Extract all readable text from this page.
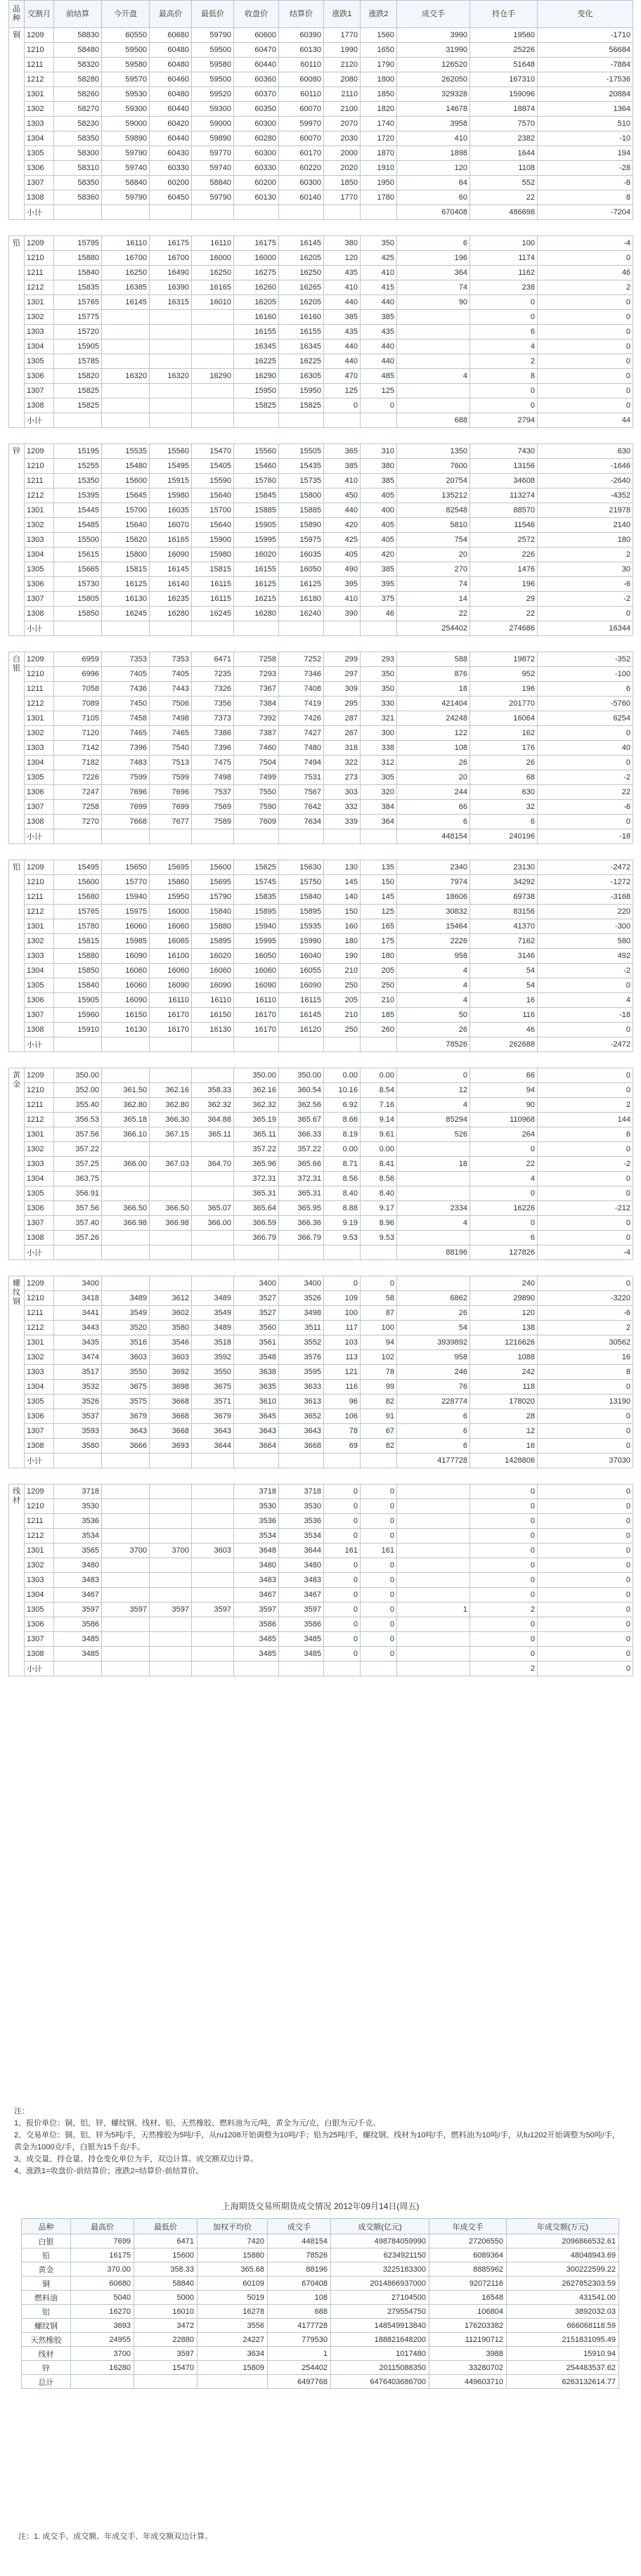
品种	交割月	前结算	今开盘	最高价	最低价	收盘价	结算价	涨跌1	涨跌2	成交手	持仓手	变化	
铜	1209	58830	60550	60680	59790	60600	60390	1770	1560	3990	19560	-1710	
	1210	58480	59500	60480	59500	60470	60130	1990	1650	31990	25226	56684	
	1211	58320	59580	60480	59580	60440	60110	2120	1790	126520	51648	-7884	
	1212	58280	59570	60460	59500	60360	60080	2080	1800	262050	167310	-17536	
	1301	58260	59530	60480	59520	60370	60110	2110	1850	329328	159096	20884	
	1302	58270	59300	60440	59300	60350	60070	2100	1820	14678	18874	1364	
	1303	58230	59000	60420	59000	60300	59970	2070	1740	3958	7570	510	
	1304	58350	59890	60440	59890	60280	60070	2030	1720	410	2382	-10	
	1305	58300	59790	60430	59770	60300	60170	2000	1870	1898	1644	194	
	1306	58310	59740	60330	59740	60330	60220	2020	1910	120	1108	-28	
	1307	58350	58840	60200	58840	60200	60300	1850	1950	64	552	-8	
	1308	58360	59790	60450	59790	60130	60140	1770	1780	60	22	8	
	小计									670408	486698	-7204	

铅	1209	15795	16110	16175	16110	16175	16145	380	350	6	100	-4	
	1210	15880	16700	16700	16000	16000	16205	120	425	196	1174	0	
	1211	15840	16250	16490	16250	16275	16250	435	410	364	1162	46	
	1212	15835	16385	16390	16165	16260	16265	410	415	74	238	2	
	1301	15765	16145	16315	16010	16205	16205	440	440	90	0	0	
	1302	15775				16160	16160	385	385		0	0	
	1303	15720				16155	16155	435	435		6	0	
	1304	15905				16345	16345	440	440		4	0	
	1305	15785				16225	16225	440	440		2	0	
	1306	15820	16320	16320	16290	16290	16305	470	485	4	8	0	
	1307	15825				15950	15950	125	125		0	0	
	1308	15825				15825	15825	0	0		0	0	
	小计									688	2794	44	

锌	1209	15195	15535	15560	15470	15560	15505	365	310	1350	7430	630	
	1210	15255	15480	15495	15405	15460	15435	385	380	7600	13156	-1646	
	1211	15350	15600	15915	15590	15760	15735	410	385	20754	34608	-2640	
	1212	15395	15645	15980	15640	15845	15800	450	405	135212	113274	-4352	
	1301	15445	15700	16035	15700	15885	15885	440	400	82548	88570	21978	
	1302	15485	15640	16070	15640	15905	15890	420	405	5810	11546	2140	
	1303	15500	15620	16165	15900	15995	15975	425	405	754	2572	180	
	1304	15615	15800	16090	15980	16020	16035	405	420	20	226	2	
	1305	15665	15815	16145	15815	16155	16050	490	385	270	1476	30	
	1306	15730	16125	16140	16115	16125	16125	395	395	74	196	-6	
	1307	15805	16130	16235	16115	16215	16180	410	375	14	29	-2	
	1308	15850	16245	16280	16245	16280	16240	390	46	22	22	0	
	小计									254402	274686	16344	

白银	1209	6959	7353	7353	6471	7258	7252	299	293	588	19872	-352	
	1210	6996	7405	7405	7235	7293	7346	297	350	876	952	-100	
	1211	7058	7436	7443	7326	7367	7408	309	350	18	196	6	
	1212	7089	7450	7506	7356	7384	7419	295	330	421404	201770	-5760	
	1301	7105	7458	7498	7373	7392	7426	287	321	24248	16064	6254	
	1302	7120	7465	7465	7386	7387	7427	267	300	122	162	0	
	1303	7142	7396	7540	7396	7460	7480	318	338	108	176	40	
	1304	7182	7483	7513	7475	7504	7494	322	312	26	26	0	
	1305	7226	7599	7599	7498	7499	7531	273	305	20	68	-2	
	1306	7247	7696	7696	7537	7550	7567	303	320	244	630	22	
	1307	7258	7699	7699	7569	7590	7642	332	384	66	32	-6	
	1308	7270	7668	7677	7589	7609	7634	339	364	6	6	0	
	小计									448154	240196	-18	

铝	1209	15495	15650	15695	15600	15625	15630	130	135	2340	23130	-2472	
	1210	15600	15770	15860	15695	15745	15750	145	150	7974	34292	-1272	
	1211	15680	15940	15950	15790	15835	15840	140	145	18606	69738	-3168	
	1212	15765	15975	16000	15840	15895	15895	150	125	30832	83156	220	
	1301	15780	16060	16060	15880	15940	15935	160	165	15464	41370	-300	
	1302	15815	15985	16065	15895	15995	15990	180	175	2226	7162	580	
	1303	15880	16090	16100	16020	16050	16040	190	180	958	3146	492	
	1304	15850	16060	16060	16060	16060	16055	210	205	4	54	-2	
	1305	15840	16060	16090	16090	16090	16090	250	250	4	54	0	
	1306	15905	16090	16110	16110	16110	16115	205	210	4	16	4	
	1307	15960	16150	16170	16150	16170	16145	210	185	50	116	-18	
	1308	15910	16130	16170	16130	16170	16120	250	260	26	46	0	
	小计									78526	262688	-2472	

黄金	1209	350.00				350.00	350.00	0.00	0.00	0	66	0	
	1210	352.00	361.50	362.16	358.33	362.16	360.54	10.16	8.54	12	94	0	
	1211	355.40	362.80	362.80	362.32	362.32	362.56	6.92	7.16	4	90	2	
	1212	356.53	365.18	366.30	364.88	365.19	365.67	8.66	9.14	85294	110968	144	
	1301	357.56	366.10	367.15	365.11	365.11	366.33	8.19	9.61	526	264	6	
	1302	357.22				357.22	357.22	0.00	0.00		0	0	
	1303	357.25	366.00	367.03	364.70	365.96	365.66	8.71	8.41	18	22	-2	
	1304	363.75				372.31	372.31	8.56	8.56		4	0	
	1305	356.91				365.31	365.31	8.40	8.40		0	0	
	1306	357.56	366.50	366.50	365.07	365.64	365.95	8.88	9.17	2334	16226	-212	
	1307	357.40	366.98	366.98	366.00	366.59	366.36	9.19	8.96	4	0	0	
	1308	357.26				366.79	366.79	9.53	9.53		6	0	
	小计									88196	127826	-4	

螺纹钢	1209	3400				3400	3400	0	0		240	0	
	1210	3418	3489	3612	3489	3527	3526	109	58	6862	29890	-3220	
	1211	3441	3549	3602	3549	3527	3498	100	87	26	120	-6	
	1212	3443	3520	3580	3489	3560	3511	117	100	54	138	2	
	1301	3435	3516	3546	3518	3561	3552	103	94	3939892	1216626	30562	
	1302	3474	3603	3603	3592	3548	3576	113	102	958	1088	16	
	1303	3517	3550	3692	3550	3638	3595	121	78	246	242	8	
	1304	3532	3675	3698	3675	3635	3633	116	99	76	118	0	
	1305	3526	3575	3668	3571	3610	3613	96	82	228774	178020	13190	
	1306	3537	3679	3668	3679	3645	3652	106	91	6	28	0	
	1307	3593	3643	3668	3643	3643	3643	78	67	6	12	0	
	1308	3580	3666	3693	3644	3664	3668	69	82	6	16	0	
	小计									4177728	1428806	37030	

线材	1209	3718				3718	3718	0	0		0	0	
	1210	3530				3530	3530	0	0		0	0	
	1211	3536				3536	3536	0	0		0	0	
	1212	3534				3534	3534	0	0		0	0	
	1301	3565	3700	3700	3603	3648	3644	161	161		0	0	
	1302	3480				3480	3480	0	0		0	0	
	1303	3483				3483	3483	0	0		0	0	
	1304	3467				3467	3467	0	0		0	0	
	1305	3597	3597	3597	3597	3597	3597	0	0	1	2	0	
	1306	3586				3586	3586	0	0		0	0	
	1307	3485				3485	3485	0	0		0	0	
	1308	3485				3485	3485	0	0		0	0	
	小计										2	0	

注：

1、报价单位：铜、铝、锌、螺纹钢、线材、铅、天然橡胶、燃料油为元/吨，黄金为元/克，白银为元/千克。

2、交易单位：铜、铝、锌为5吨/手，天然橡胶为5吨/手，从ru1208开始调整为10吨/手；铅为25吨/手，螺纹钢、线材为10吨/手，燃料油为10吨/手，从fu1202开始调整为50吨/手，黄金为1000克/手，白银为15千克/手。

3、成交量、持仓量、持仓变化单位为手，双边计算。成交额双边计算。

4、涨跌1=收盘价-前结算价；涨跌2=结算价-前结算价。

上海期货交易所期货成交情况 2012年09月14日(周五)
品种	最高价	最低价	加权平均价	成交手	成交额(亿元)	年成交手	年成交额(万元)
白银	7699	6471	7420	448154	498784059990	27206550	2096866532.61
铅	16175	15600	15880	78526	6234921150	6089364	48048943.69
黄金	370.00	358.33	365.68	88196	3225183300	8885962	300222599.22
铜	60680	58840	60109	670408	2014866937000	92072116	2627852303.59
燃料油	5040	5000	5019	108	27104500	16548	431541.00
铝	16270	16010	16278	688	279554750	106804	3892032.03
螺纹钢	3693	3472	3556	4177728	148549913840	176203382	666068118.59
天然橡胶	24955	22880	24227	779530	188821648200	112190712	2151831095.49
线材	3700	3597	3634	1	1017480	3988	15910.94
锌	16280	15470	15809	254402	20115088350	33280702	254483537.62
总计				6497768	6476403686700	449603710	6263132614.77
注：1. 成交手、成交额、年成交手、年成交额双边计算。
